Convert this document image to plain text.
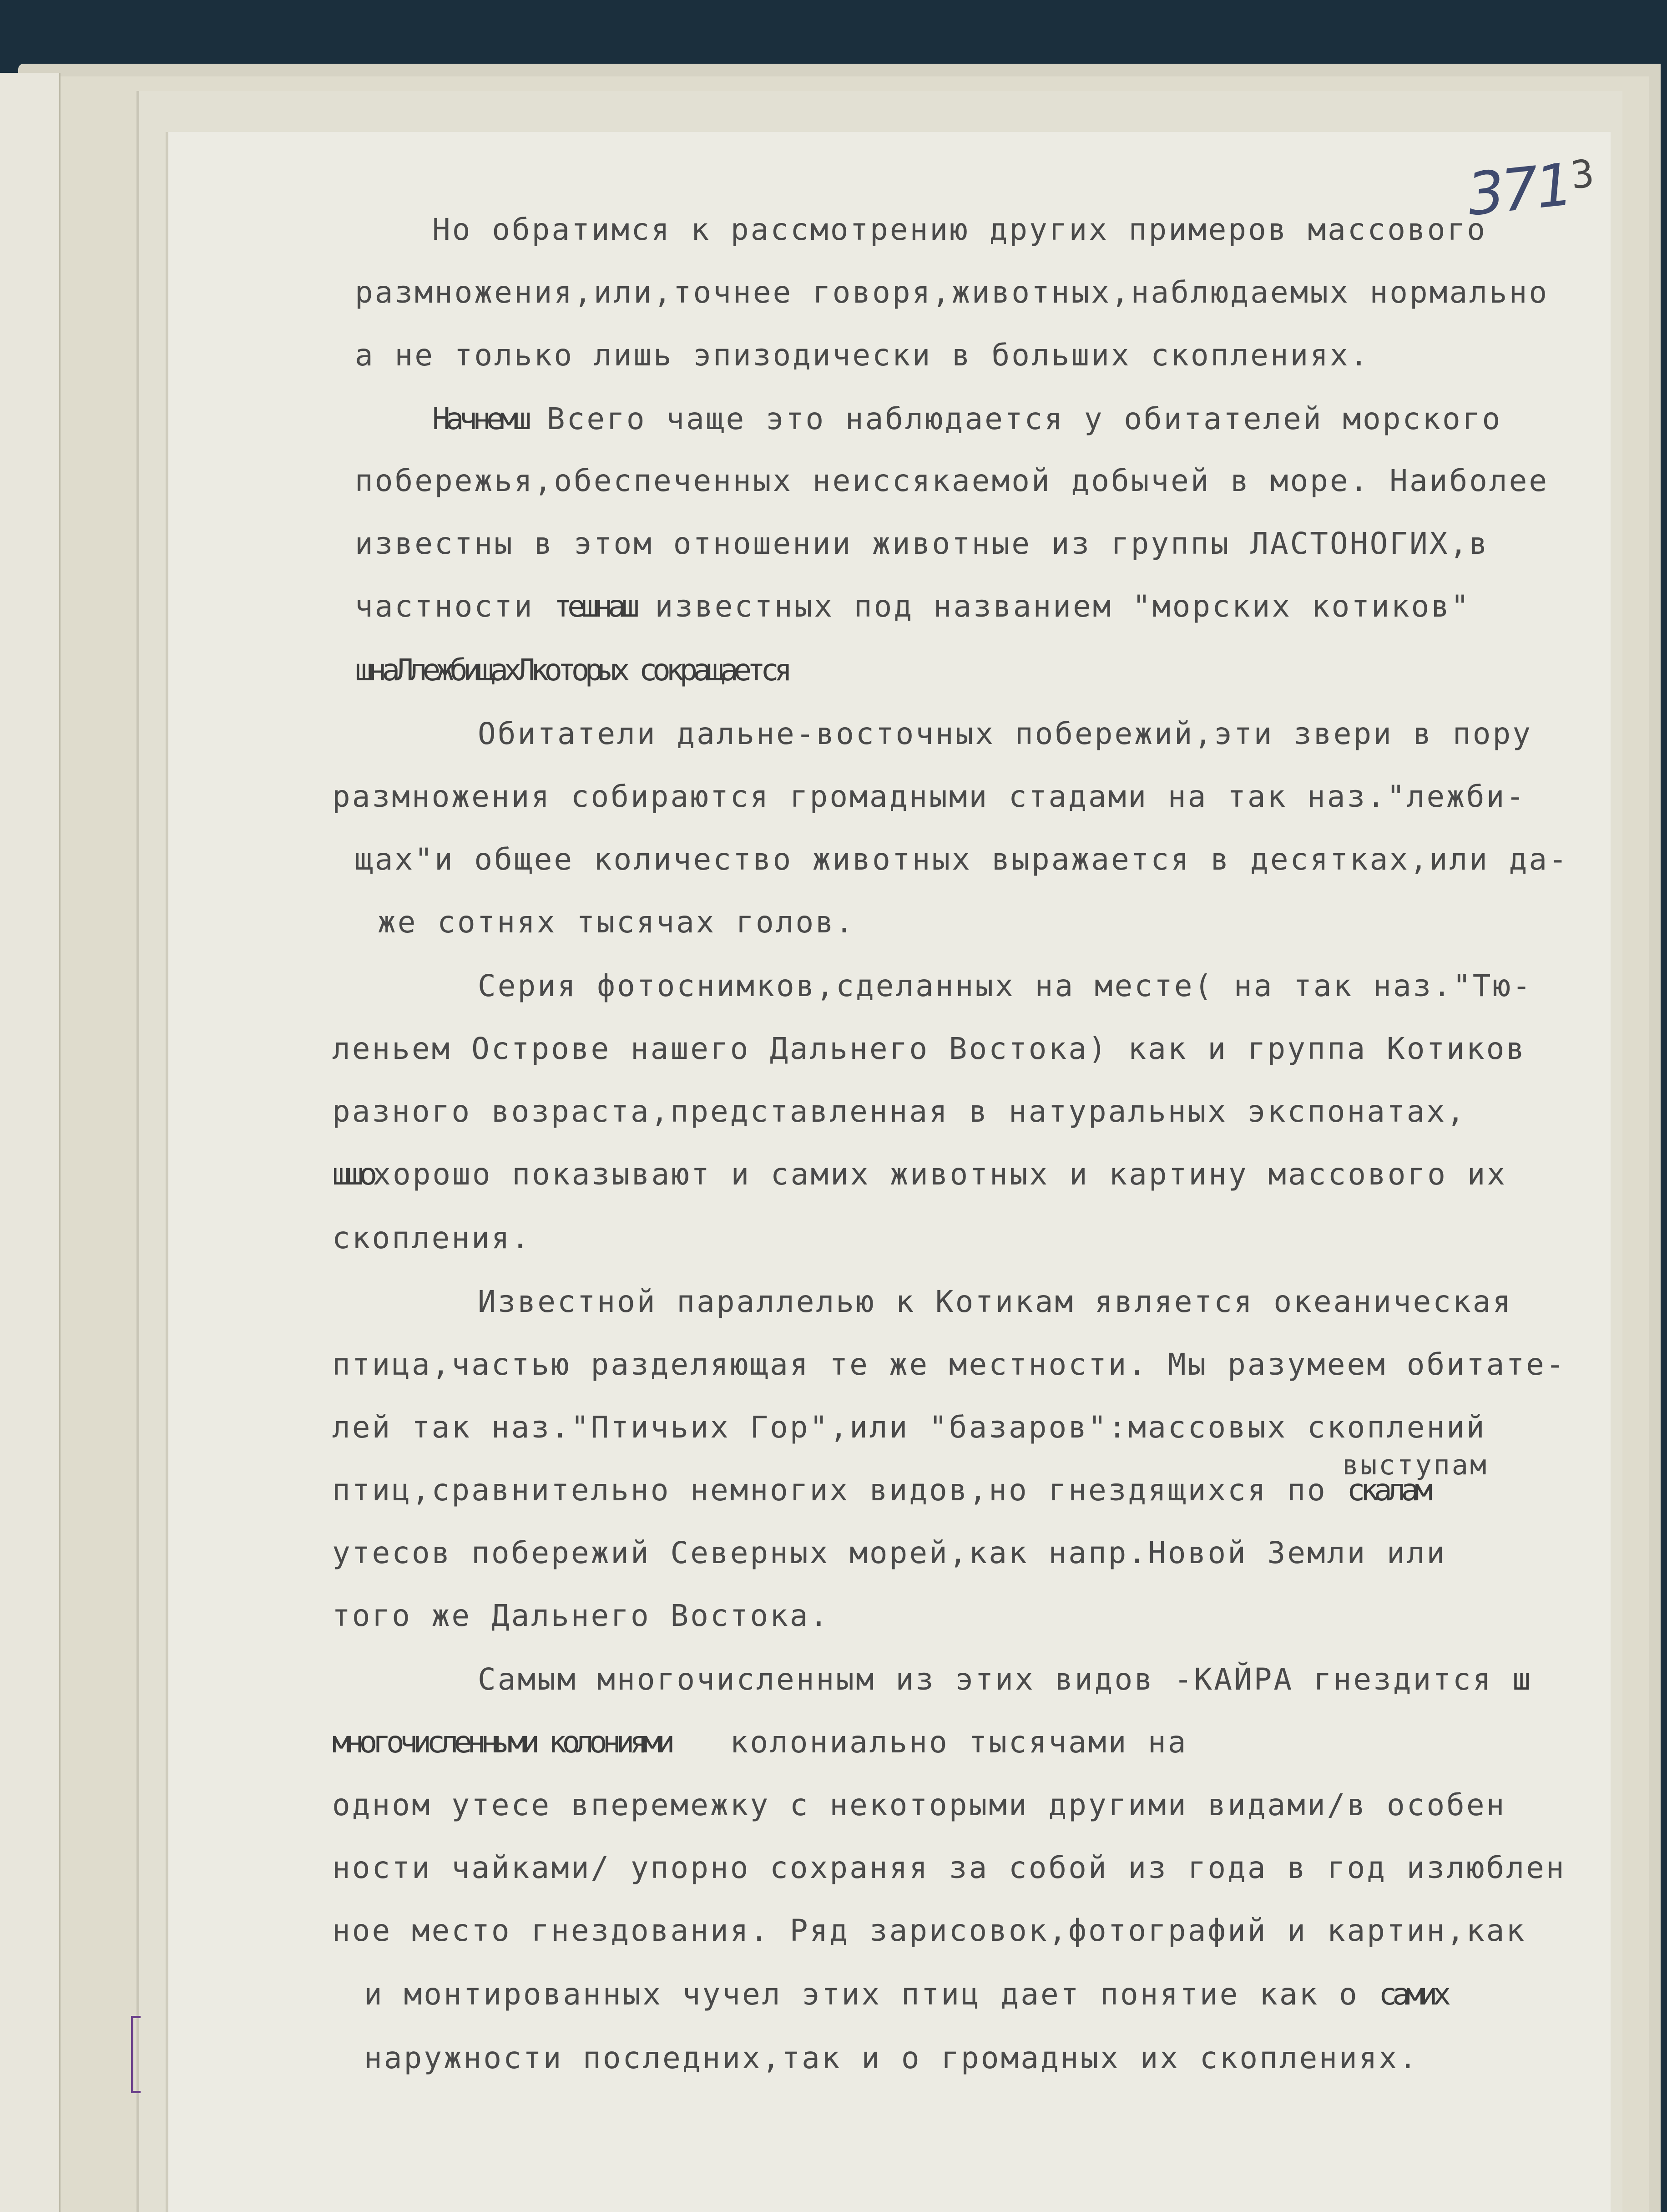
$371^3$
Но обратимся к рассмотрению других примеров массового
размножения,или,точнее говоря,животных,наблюдаемых нормально
а не только лишь эпизодически в больших скоплениях.
Начнемш Всего чаще это наблюдается у обитателей морского
побережья,обеспеченных неиссякаемой добычей в море. Наиболее
известны в этом отношении животные из группы ЛАСТОНОГИХ,в
частности тешнаш известных под названием "морских котиков"
шнаЛлежбищахЛкоторых сокращается
Обитатели дальне-восточных побережий,эти звери в пору
размножения собираются громадными стадами на так наз."лежби-
щах"и общее количество животных выражается в десятках,или да-
же сотнях тысячах голов.
Серия фотоснимков,сделанных на месте( на так наз."Тю-
леньем Острове нашего Дальнего Востока) как и группа Котиков
разного возраста,представленная в натуральных экспонатах,
шшохорошо показывают и самих животных и картину массового их
скопления.
Известной параллелью к Котикам является океаническая
птица,частью разделяющая те же местности. Мы разумеем обитате-
лей так наз."Птичьих Гор",или "базаров":массовых скоплений
выступам
птиц,сравнительно немногих видов,но гнездящихся по скалам
утесов побережий Северных морей,как напр.Новой Земли или
того же Дальнего Востока.
Самым многочисленным из этих видов -КАЙРА гнездится ш
многочисленными колониями   колониально тысячами на
одном утесе вперемежку с некоторыми другими видами/в особен
ности чайками/ упорно сохраняя за собой из года в год излюблен
ное место гнездования. Ряд зарисовок,фотографий и картин,как
и монтированных чучел этих птиц дает понятие как о самих
наружности последних,так и о громадных их скоплениях.
